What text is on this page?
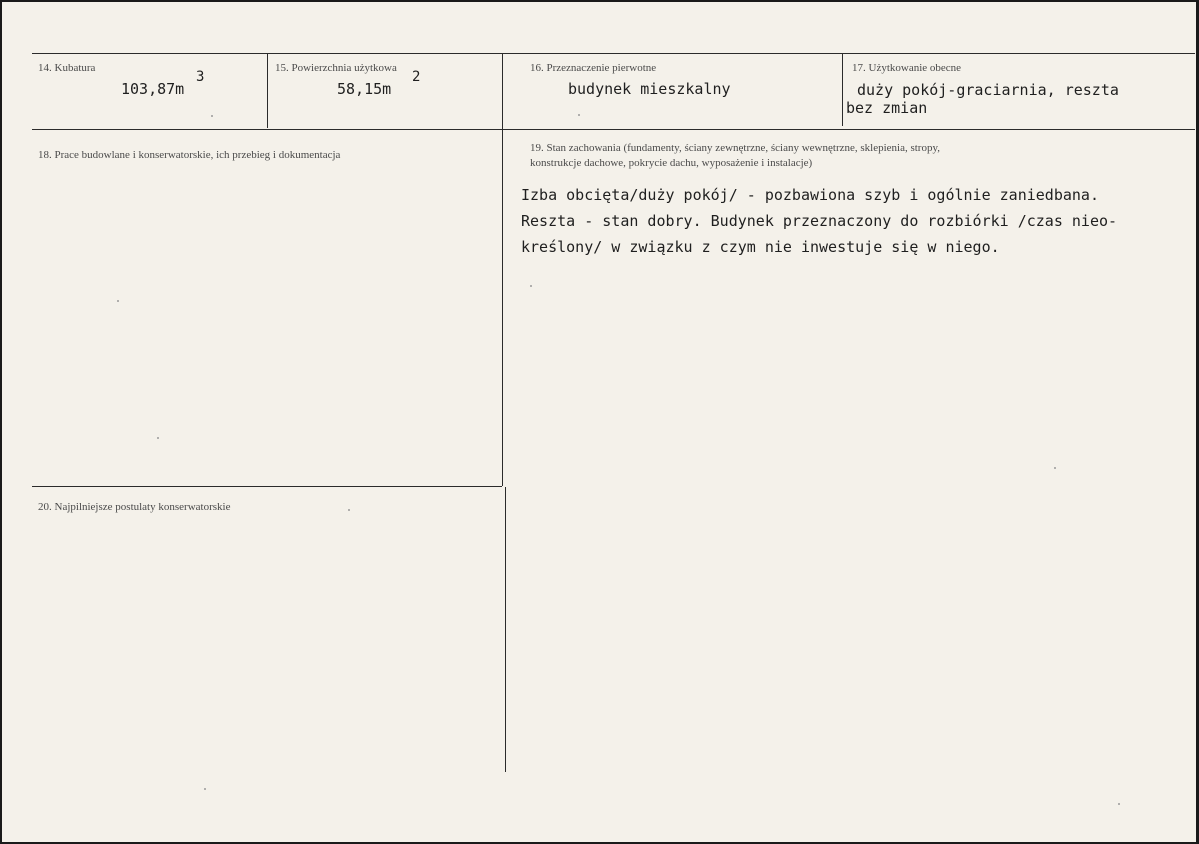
14. Kubatura
103,87m
3
15. Powierzchnia użytkowa
58,15m
2
16. Przeznaczenie pierwotne
budynek mieszkalny
17. Użytkowanie obecne
duży pokój-graciarnia, reszta
bez zmian
18. Prace budowlane i konserwatorskie, ich przebieg i dokumentacja
19. Stan zachowania (fundamenty, ściany zewnętrzne, ściany wewnętrzne, sklepienia, stropy,
konstrukcje dachowe, pokrycie dachu, wyposażenie i instalacje)
Izba obcięta/duży pokój/ - pozbawiona szyb i ogólnie zaniedbana.
Reszta - stan dobry. Budynek przeznaczony do rozbiórki /czas nieo-
kreślony/ w związku z czym nie inwestuje się w niego.
20. Najpilniejsze postulaty konserwatorskie
